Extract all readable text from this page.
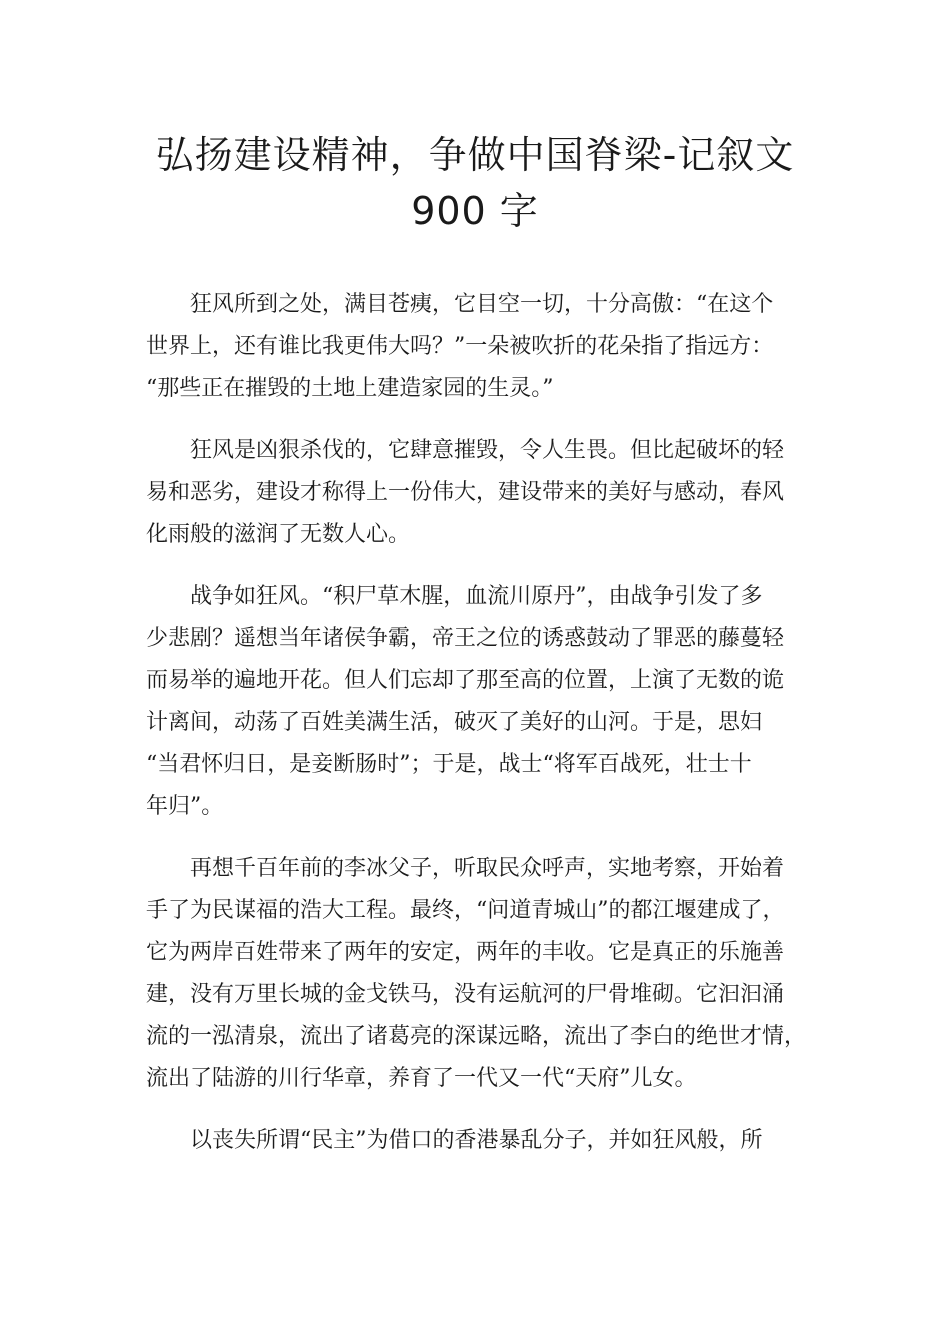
弘扬建设精神，争做中国脊梁-记叙文
900 字

狂风所到之处，满目苍痍，它目空一切，十分高傲：“在这个
世界上，还有谁比我更伟大吗？”一朵被吹折的花朵指了指远方：
“那些正在摧毁的土地上建造家园的生灵。”

狂风是凶狠杀伐的，它肆意摧毁，令人生畏。但比起破坏的轻
易和恶劣，建设才称得上一份伟大，建设带来的美好与感动，春风
化雨般的滋润了无数人心。

战争如狂风。“积尸草木腥，血流川原丹”，由战争引发了多
少悲剧？遥想当年诸侯争霸，帝王之位的诱惑鼓动了罪恶的藤蔓轻
而易举的遍地开花。但人们忘却了那至高的位置，上演了无数的诡
计离间，动荡了百姓美满生活，破灭了美好的山河。于是，思妇
“当君怀归日，是妾断肠时”；于是，战士“将军百战死，壮士十
年归”。

再想千百年前的李冰父子，听取民众呼声，实地考察，开始着
手了为民谋福的浩大工程。最终，“问道青城山”的都江堰建成了，
它为两岸百姓带来了两年的安定，两年的丰收。它是真正的乐施善
建，没有万里长城的金戈铁马，没有运航河的尸骨堆砌。它汩汩涌
流的一泓清泉，流出了诸葛亮的深谋远略，流出了李白的绝世才情，
流出了陆游的川行华章，养育了一代又一代“天府”儿女。

以丧失所谓“民主”为借口的香港暴乱分子，并如狂风般，所
